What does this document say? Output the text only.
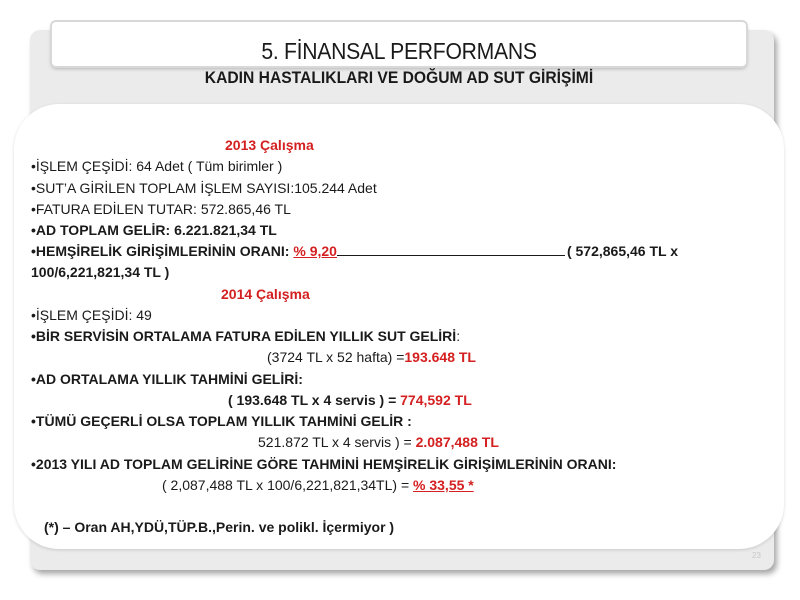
5. FİNANSAL PERFORMANS
KADIN HASTALIKLARI VE DOĞUM AD SUT GİRİŞİMİ
2013 Çalışma
•İŞLEM ÇEŞİDİ: 64 Adet ( Tüm birimler )
•SUT’A GİRİLEN TOPLAM İŞLEM SAYISI:105.244 Adet
•FATURA EDİLEN TUTAR: 572.865,46 TL
•AD TOPLAM GELİR: 6.221.821,34 TL
•HEMŞİRELİK GİRİŞİMLERİNİN ORANI: % 9,20	( 572,865,46 TL x
100/6,221,821,34 TL )
2014 Çalışma
•İŞLEM ÇEŞİDİ: 49
•BİR SERVİSİN ORTALAMA FATURA EDİLEN YILLIK SUT GELİRİ:
(3724 TL x 52 hafta) =193.648 TL
•AD ORTALAMA YILLIK TAHMİNİ GELİRİ:
( 193.648 TL x 4 servis ) = 774,592 TL
•TÜMÜ GEÇERLİ OLSA TOPLAM YILLIK TAHMİNİ GELİR :
521.872 TL x 4 servis ) = 2.087,488 TL
•2013 YILI AD TOPLAM GELİRİNE GÖRE TAHMİNİ HEMŞİRELİK GİRİŞİMLERİNİN ORANI:
( 2,087,488 TL x 100/6,221,821,34TL) = % 33,55 *
(*) – Oran AH,YDÜ,TÜP.B.,Perin. ve polikl. İçermiyor )
23
